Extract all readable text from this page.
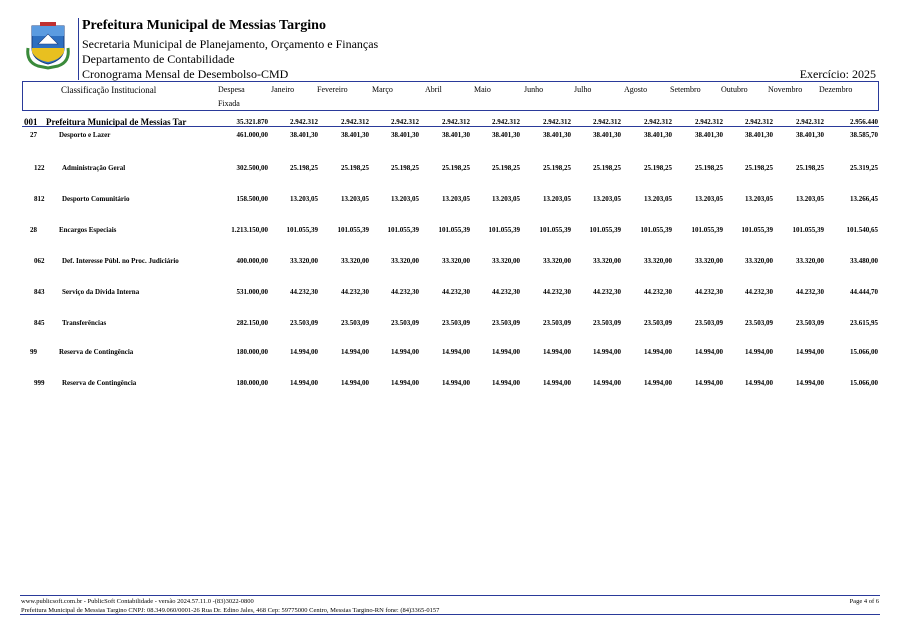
Prefeitura Municipal de Messias Targino
Secretaria Municipal de Planejamento, Orçamento e Finanças
Departamento de Contabilidade
Cronograma Mensal de Desembolso-CMD	Exercício: 2025
Classificação Institucional	Despesa
Fixada
Janeiro	Fevereiro	Março	Abril	Maio	Junho	Julho	Agosto	Setembro	Outubro	Novembro Dezembro
001 Prefeitura Municipal de Messias Tar	35.321.870	2.942.312	2.942.312	2.942.312	2.942.312	2.942.312	2.942.312	2.942.312	2.942.312	2.942.312	2.942.312	2.942.312	2.956.440
27	Desporto e Lazer	461.000,00	38.401,30	38.401,30	38.401,30	38.401,30	38.401,30	38.401,30	38.401,30	38.401,30	38.401,30	38.401,30	38.401,30	38.585,70
122	Administração Geral	302.500,00	25.198,25	25.198,25	25.198,25	25.198,25	25.198,25	25.198,25	25.198,25	25.198,25	25.198,25	25.198,25	25.198,25	25.319,25
812	Desporto Comunitário	158.500,00	13.203,05	13.203,05	13.203,05	13.203,05	13.203,05	13.203,05	13.203,05	13.203,05	13.203,05	13.203,05	13.203,05	13.266,45
28	Encargos Especiais	1.213.150,00	101.055,39	101.055,39	101.055,39	101.055,39	101.055,39	101.055,39	101.055,39	101.055,39	101.055,39	101.055,39	101.055,39	101.540,65
062	Def. Interesse Públ. no Proc. Judiciário	400.000,00	33.320,00	33.320,00	33.320,00	33.320,00	33.320,00	33.320,00	33.320,00	33.320,00	33.320,00	33.320,00	33.320,00	33.480,00
843	Serviço da Dívida Interna	531.000,00	44.232,30	44.232,30	44.232,30	44.232,30	44.232,30	44.232,30	44.232,30	44.232,30	44.232,30	44.232,30	44.232,30	44.444,70
845	Transferências	282.150,00	23.503,09	23.503,09	23.503,09	23.503,09	23.503,09	23.503,09	23.503,09	23.503,09	23.503,09	23.503,09	23.503,09	23.615,95
99	Reserva de Contingência	180.000,00	14.994,00	14.994,00	14.994,00	14.994,00	14.994,00	14.994,00	14.994,00	14.994,00	14.994,00	14.994,00	14.994,00	15.066,00
999	Reserva de Contingência	180.000,00	14.994,00	14.994,00	14.994,00	14.994,00	14.994,00	14.994,00	14.994,00	14.994,00	14.994,00	14.994,00	14.994,00	15.066,00
www.publicsoft.com.br - PublicSoft Contabilidade - versão 2024.57.11.0 -(83)3022-0800
Prefeitura Municipal de Messias Targino CNPJ: 08.349.060/0001-26 Rua Dr. Edino Jales, 468 Cep: 59775000 Centro, Messias Targino-RN fone: (84)3365-0157
Page 4 of 6
